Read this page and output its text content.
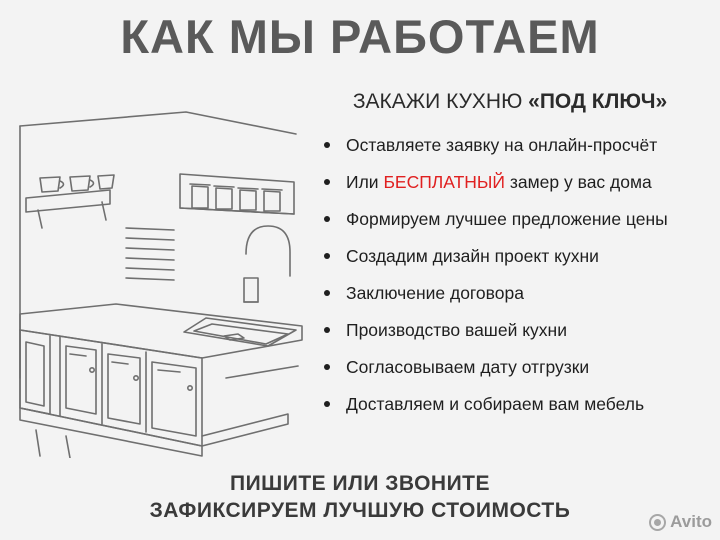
КАК МЫ РАБОТАЕМ
ЗАКАЖИ КУХНЮ «ПОД КЛЮЧ»
Оставляете заявку на онлайн-просчёт
Или БЕСПЛАТНЫЙ замер у вас дома
Формируем лучшее предложение цены
Создадим дизайн проект кухни
Заключение договора
Производство вашей кухни
Согласовываем дату отгрузки
Доставляем и собираем вам мебель
ПИШИТЕ ИЛИ ЗВОНИТЕ
ЗАФИКСИРУЕМ ЛУЧШУЮ СТОИМОСТЬ	Avito
